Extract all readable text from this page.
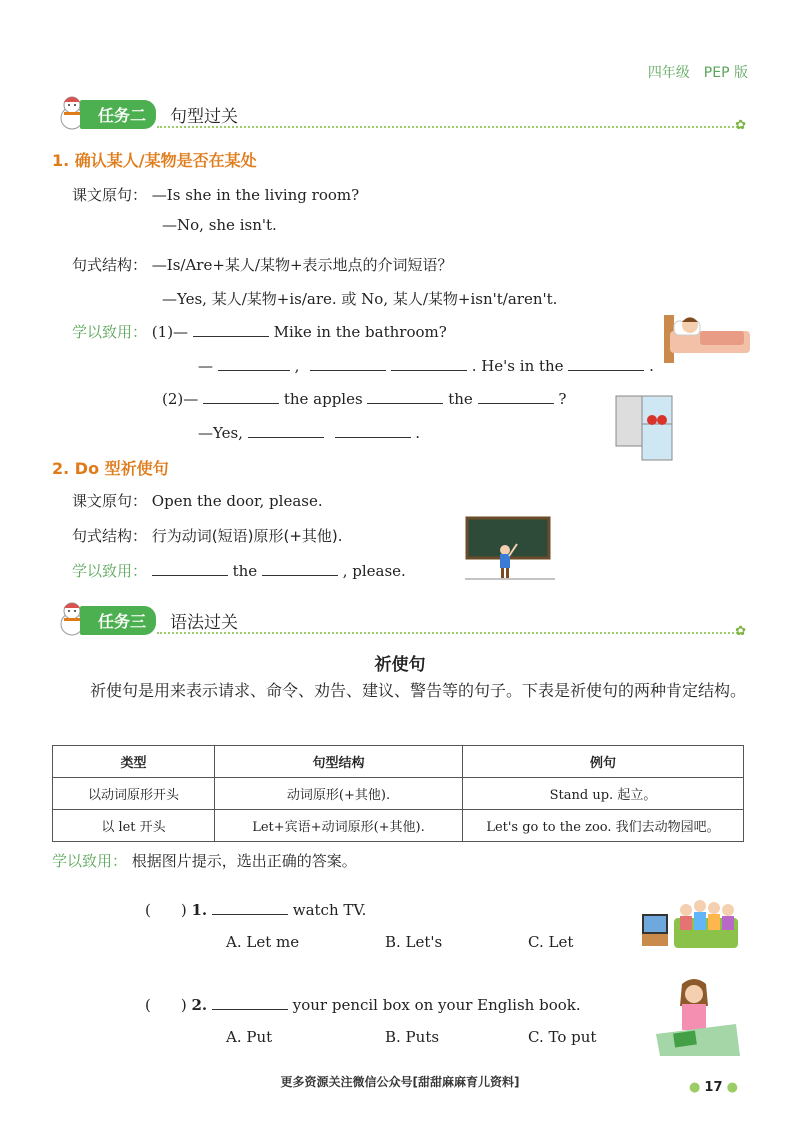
四年级　PEP 版
任务二	句型过关	✿
1. 确认某人/某物是否在某处
课文原句： —Is she in the living room?
—No, she isn't.
句式结构： —Is/Are+某人/某物+表示地点的介词短语？
—Yes, 某人/某物+is/are. 或 No, 某人/某物+isn't/aren't.
学以致用： (1)—	Mike in the bathroom?
—	,	. He's in the	.
(2)—	the apples	the	?
—Yes,	.
2. Do 型祈使句
课文原句： Open the door, please.
句式结构： 行为动词(短语)原形(+其他).
学以致用：	the	, please.
任务三	语法过关	✿
祈使句
祈使句是用来表示请求、命令、劝告、建议、警告等的句子。下表是祈使句的两种肯定结构。
类型	句型结构	例句
以动词原形开头	动词原形(+其他).	Stand up. 起立。
以 let 开头	Let+宾语+动词原形(+其他).	Let's go to the zoo. 我们去动物园吧。
学以致用： 根据图片提示，选出正确的答案。
(　　) 1.	watch TV.
A. Let me	B. Let's	C. Let
(　　) 2.	your pencil box on your English book.
A. Put	B. Puts	C. To put
更多资源关注微信公众号[甜甜麻麻育儿资料]	● 17 ●
